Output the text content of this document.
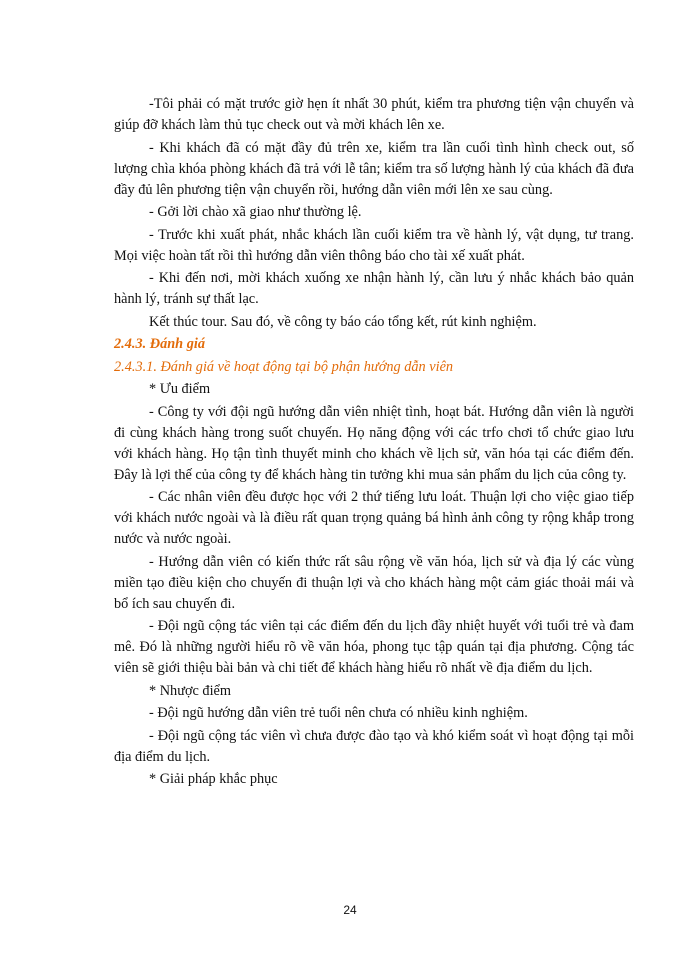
-Tôi phải có mặt trước giờ hẹn ít nhất 30 phút, kiểm tra phương tiện vận chuyển và giúp đỡ khách làm thủ tục check out và mời khách lên xe.

- Khi khách đã có mặt đầy đủ trên xe, kiểm tra lần cuối tình hình check out, số lượng chìa khóa phòng khách đã trả với lễ tân; kiểm tra số lượng hành lý của khách đã đưa đầy đủ lên phương tiện vận chuyển rồi, hướng dẫn viên mới lên xe sau cùng.

- Gởi lời chào xã giao như thường lệ.

- Trước khi xuất phát, nhắc khách lần cuối kiểm tra về hành lý, vật dụng, tư trang. Mọi việc hoàn tất rồi thì hướng dẫn viên thông báo cho tài xế xuất phát.

- Khi đến nơi, mời khách xuống xe nhận hành lý, cần lưu ý nhắc khách bảo quản hành lý, tránh sự thất lạc.

Kết thúc tour. Sau đó, về công ty báo cáo tổng kết, rút kinh nghiệm.

2.4.3. Đánh giá

2.4.3.1. Đánh giá về hoạt động tại bộ phận hướng dẫn viên

* Ưu điểm

- Công ty với đội ngũ hướng dẫn viên nhiệt tình, hoạt bát. Hướng dẫn viên là người đi cùng khách hàng trong suốt chuyến. Họ năng động với các trfo chơi tổ chức giao lưu với khách hàng. Họ tận tình thuyết minh cho khách về lịch sử, văn hóa tại các điểm đến. Đây là lợi thế của công ty để khách hàng tin tưởng khi mua sản phẩm du lịch của công ty.

- Các nhân viên đều được học với 2 thứ tiếng lưu loát. Thuận lợi cho việc giao tiếp với khách nước ngoài và là điều rất quan trọng quảng bá hình ảnh công ty rộng khắp trong nước và nước ngoài.

- Hướng dẫn viên có kiến thức rất sâu rộng về văn hóa, lịch sử và địa lý các vùng miền tạo điều kiện cho chuyến đi thuận lợi và cho khách hàng một cảm giác thoải mái và bổ ích sau chuyến đi.

- Đội ngũ cộng tác viên tại các điểm đến du lịch đầy nhiệt huyết với tuổi trẻ và đam mê. Đó là những người hiểu rõ về văn hóa, phong tục tập quán tại địa phương. Cộng tác viên sẽ giới thiệu bài bản và chi tiết để khách hàng hiểu rõ nhất về địa điểm du lịch.

* Nhược điểm

- Đội ngũ hướng dẫn viên trẻ tuổi nên chưa có nhiều kinh nghiệm.

- Đội ngũ cộng tác viên vì chưa được đào tạo và khó kiểm soát vì hoạt động tại mỗi địa điểm du lịch.

* Giải pháp khắc phục

24
